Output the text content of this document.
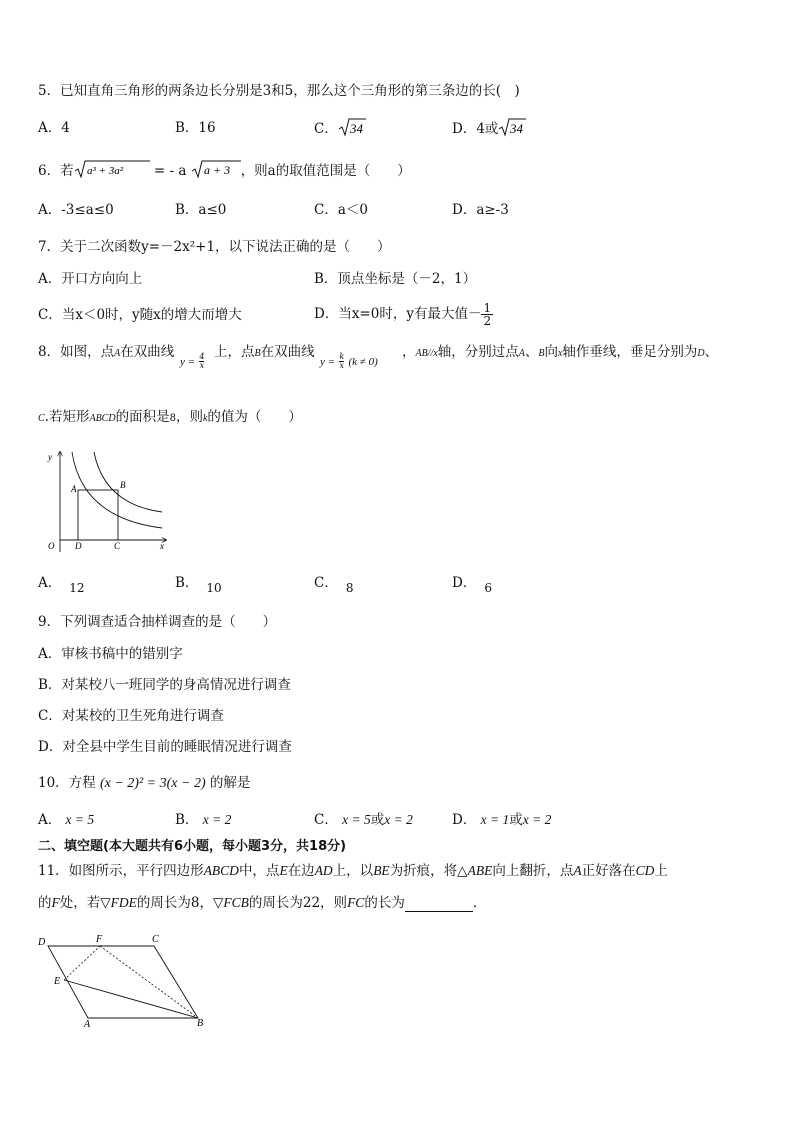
5．已知直角三角形的两条边长分别是3和5，那么这个三角形的第三条边的长(　)
A．4	B．16	C． 34	D．4或 34
6．若 a³ + 3a² = - a a + 3 ，则a的取值范围是（　　）
A．-3≤a≤0	B．a≤0	C．a＜0	D．a≥-3
7．关于二次函数y=－2x²+1，以下说法正确的是（　　）
A．开口方向向上	B．顶点坐标是（－2，1）
C．当x＜0时，y随x的增大而增大	D．当x=0时，y有最大值－ $\frac{1}{2}$
8．如图，点A在双曲线
$y = \frac{4}{x}$
上，点B在双曲线
$y = \frac{k}{x} (k \ne 0)$
，AB//x轴，分别过点A、B向x轴作垂线，垂足分别为D、
C.若矩形ABCD的面积是8，则k的值为（　　）
y
x
O
A	B
C
D
A． 12	B． 10	C． 8	D． 6
9．下列调查适合抽样调查的是（　　）
A．审核书稿中的错别字
B．对某校八一班同学的身高情况进行调查
C．对某校的卫生死角进行调查
D．对全县中学生目前的睡眠情况进行调查
10．方程 (x − 2)² = 3(x − 2) 的解是
A． x = 5	B． x = 2	C． x = 5或x = 2	D． x = 1或x = 2
二、填空题(本大题共有6小题，每小题3分，共18分)
11．如图所示，平行四边形ABCD中，点E在边AD上，以BE为折痕，将△ABE向上翻折，点A正好落在CD上
的F处，若▽FDE的周长为8，▽FCB的周长为22，则FC的长为	．
D	F	C
E
A	B
